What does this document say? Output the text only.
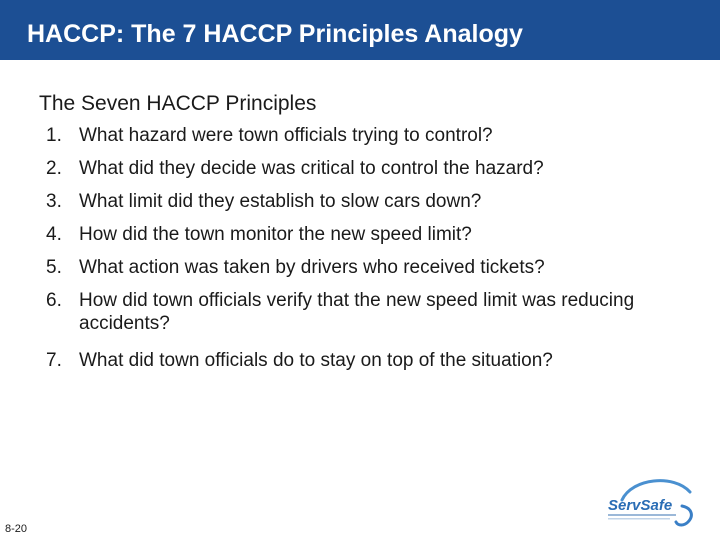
HACCP: The 7 HACCP Principles Analogy
The Seven HACCP Principles
1. What hazard were town officials trying to control?
2. What did they decide was critical to control the hazard?
3. What limit did they establish to slow cars down?
4. How did the town monitor the new speed limit?
5. What action was taken by drivers who received tickets?
6. How did town officials verify that the new speed limit was reducing accidents?
7. What did town officials do to stay on top of the situation?
8-20
ServSafe
